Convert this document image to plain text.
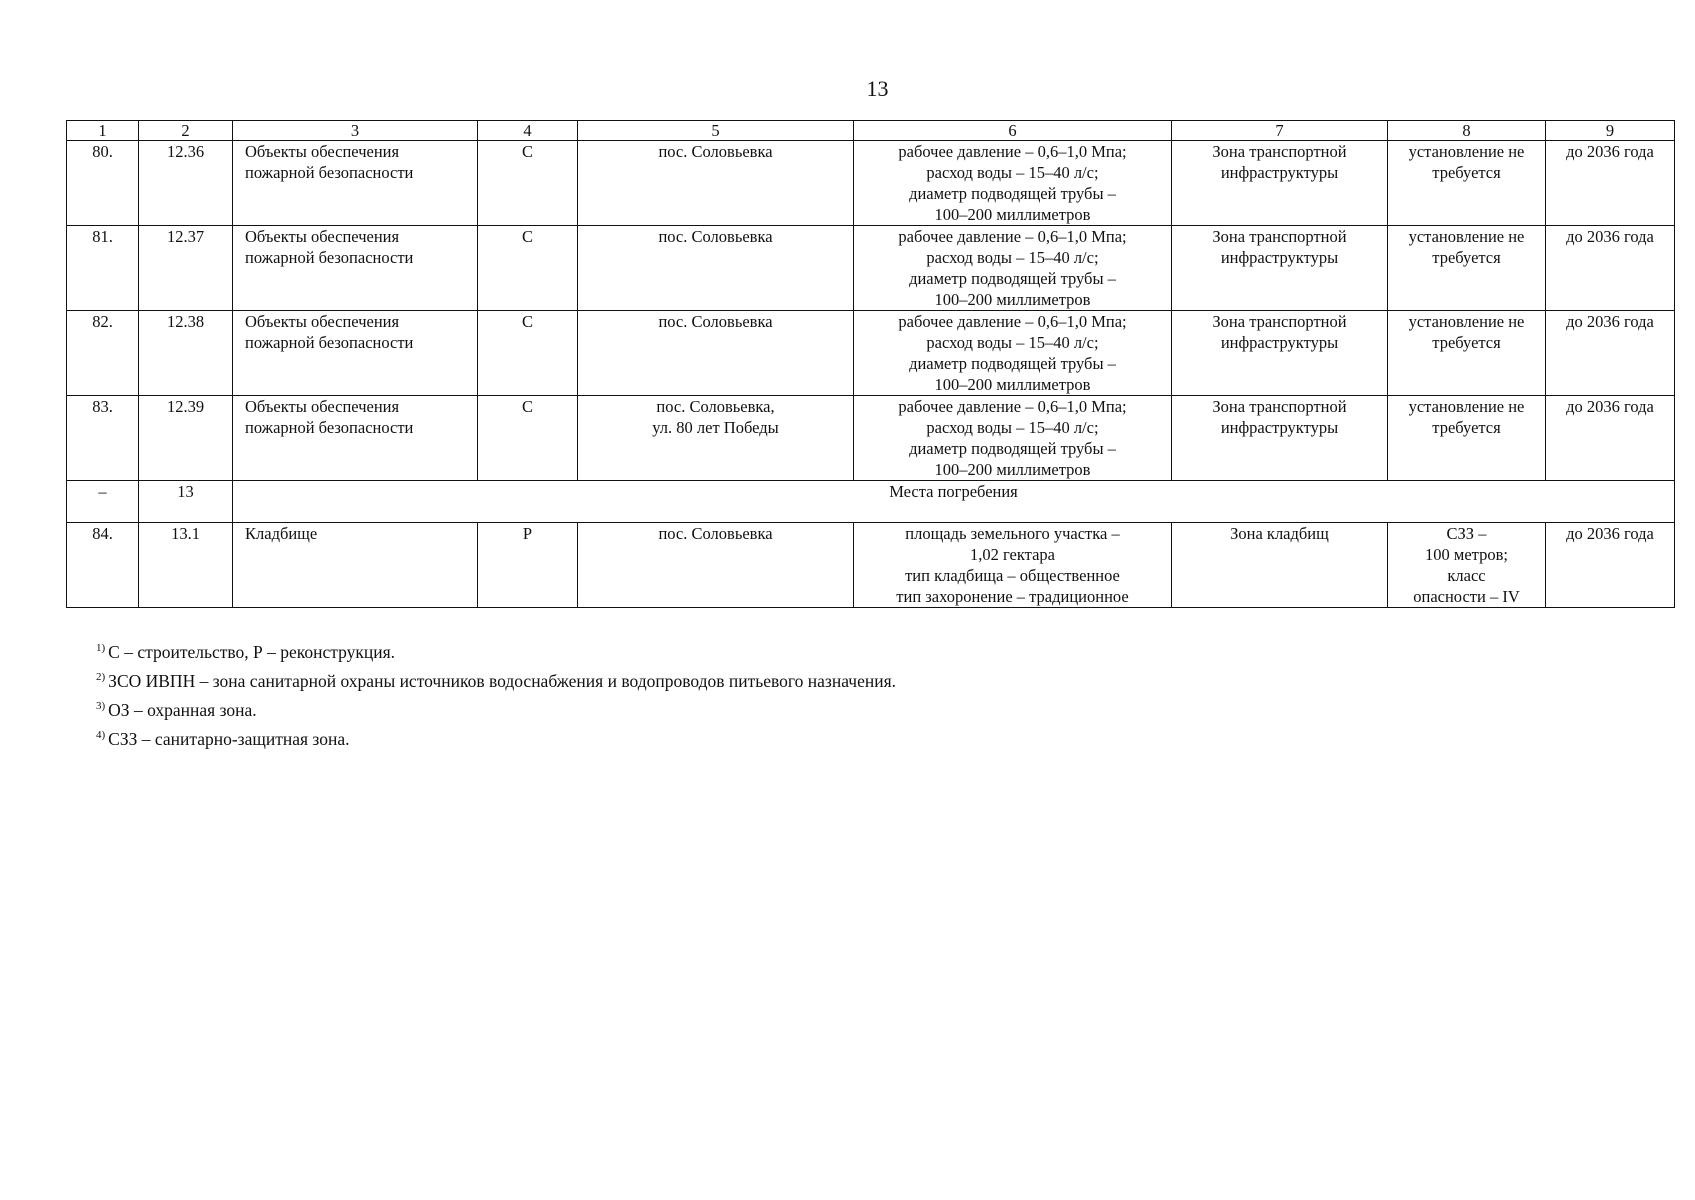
13
1	2	3	4	5	6	7	8	9
80.	12.36	Объекты обеспечения
пожарной безопасности	С	пос. Соловьевка	рабочее давление – 0,6–1,0 Мпа;
расход воды – 15–40 л/с;
диаметр подводящей трубы –
100–200 миллиметров	Зона транспортной
инфраструктуры	установление не
требуется	до 2036 года
81.	12.37	Объекты обеспечения
пожарной безопасности	С	пос. Соловьевка	рабочее давление – 0,6–1,0 Мпа;
расход воды – 15–40 л/с;
диаметр подводящей трубы –
100–200 миллиметров	Зона транспортной
инфраструктуры	установление не
требуется	до 2036 года
82.	12.38	Объекты обеспечения
пожарной безопасности	С	пос. Соловьевка	рабочее давление – 0,6–1,0 Мпа;
расход воды – 15–40 л/с;
диаметр подводящей трубы –
100–200 миллиметров	Зона транспортной
инфраструктуры	установление не
требуется	до 2036 года
83.	12.39	Объекты обеспечения
пожарной безопасности	С	пос. Соловьевка,
ул. 80 лет Победы	рабочее давление – 0,6–1,0 Мпа;
расход воды – 15–40 л/с;
диаметр подводящей трубы –
100–200 миллиметров	Зона транспортной
инфраструктуры	установление не
требуется	до 2036 года
–	13	Места погребения						
84.	13.1	Кладбище	Р	пос. Соловьевка	площадь земельного участка –
1,02 гектара
тип кладбища – общественное
тип захоронение – традиционное	Зона кладбищ	СЗЗ –
100 метров;
класс
опасности – IV	до 2036 года
$^{1)}$ С – строительство, Р – реконструкция.
$^{2)}$ ЗСО ИВПН – зона санитарной охраны источников водоснабжения и водопроводов питьевого назначения.
$^{3)}$ ОЗ – охранная зона.
$^{4)}$ СЗЗ – санитарно-защитная зона.
